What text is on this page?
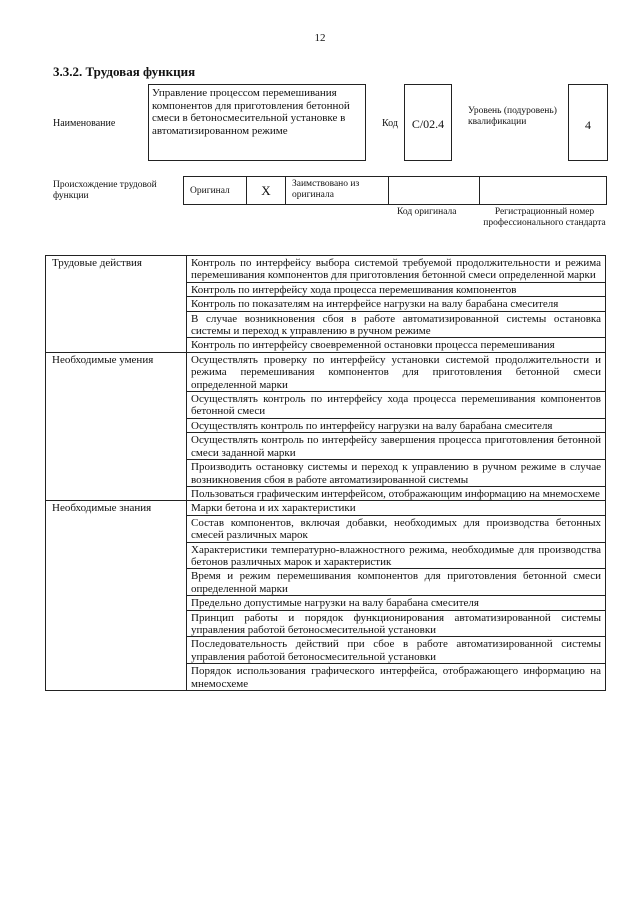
12
3.3.2. Трудовая функция
Наименование
Управление процессом перемешивания компонентов для приготовления бетонной смеси в бетоносмесительной установке в автоматизированном режиме
Код	С/02.4
Уровень (подуровень) квалификации	4
Происхождение трудовой функции	Оригинал	X	Заимствовано из оригинала
Код оригинала	Регистрационный номер профессионального стандарта
Трудовые действия	Контроль по интерфейсу выбора системой требуемой продолжительности и режима перемешивания компонентов для приготовления бетонной смеси определенной марки
	Контроль по интерфейсу хода процесса перемешивания компонентов
	Контроль по показателям на интерфейсе нагрузки на валу барабана смесителя
	В случае возникновения сбоя в работе автоматизированной системы остановка системы и переход к управлению в ручном режиме
	Контроль по интерфейсу своевременной остановки процесса перемешивания
Необходимые умения	Осуществлять проверку по интерфейсу установки системой продолжительности и режима перемешивания компонентов для приготовления бетонной смеси определенной марки
	Осуществлять контроль по интерфейсу хода процесса перемешивания компонентов бетонной смеси
	Осуществлять контроль по интерфейсу нагрузки на валу барабана смесителя
	Осуществлять контроль по интерфейсу завершения процесса приготовления бетонной смеси заданной марки
	Производить остановку системы и переход к управлению в ручном режиме в случае возникновения сбоя в работе автоматизированной системы
	Пользоваться графическим интерфейсом, отображающим информацию на мнемосхеме
Необходимые знания	Марки бетона и их характеристики
	Состав компонентов, включая добавки, необходимых для производства бетонных смесей различных марок
	Характеристики температурно-влажностного режима, необходимые для производства бетонов различных марок и характеристик
	Время и режим перемешивания компонентов для приготовления бетонной смеси определенной марки
	Предельно допустимые нагрузки на валу барабана смесителя
	Принцип работы и порядок функционирования автоматизированной системы управления работой бетоносмесительной установки
	Последовательность действий при сбое в работе автоматизированной системы управления работой бетоносмесительной установки
	Порядок использования графического интерфейса, отображающего информацию на мнемосхеме
